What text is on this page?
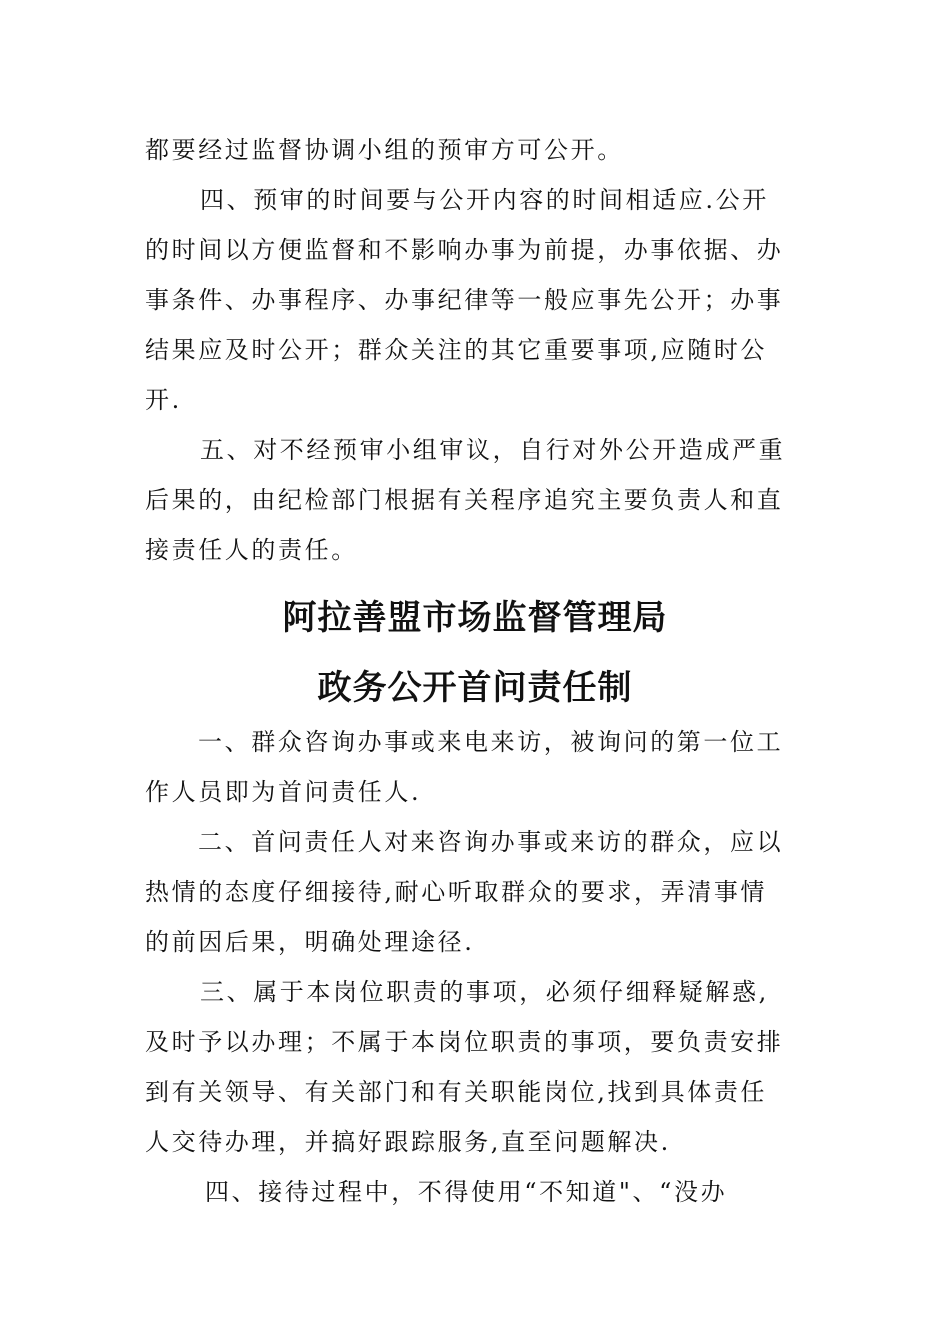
都要经过监督协调小组的预审方可公开。
四、预审的时间要与公开内容的时间相适应.公开
的时间以方便监督和不影响办事为前提，办事依据、办
事条件、办事程序、办事纪律等一般应事先公开；办事
结果应及时公开；群众关注的其它重要事项,应随时公
开.
五、对不经预审小组审议，自行对外公开造成严重
后果的，由纪检部门根据有关程序追究主要负责人和直
接责任人的责任。
阿拉善盟市场监督管理局
政务公开首问责任制
一、群众咨询办事或来电来访，被询问的第一位工
作人员即为首问责任人.
二、首问责任人对来咨询办事或来访的群众，应以
热情的态度仔细接待,耐心听取群众的要求，弄清事情
的前因后果，明确处理途径.
三、属于本岗位职责的事项，必须仔细释疑解惑,
及时予以办理；不属于本岗位职责的事项，要负责安排
到有关领导、有关部门和有关职能岗位,找到具体责任
人交待办理，并搞好跟踪服务,直至问题解决.
四、接待过程中，不得使用“不知道"、“没办
